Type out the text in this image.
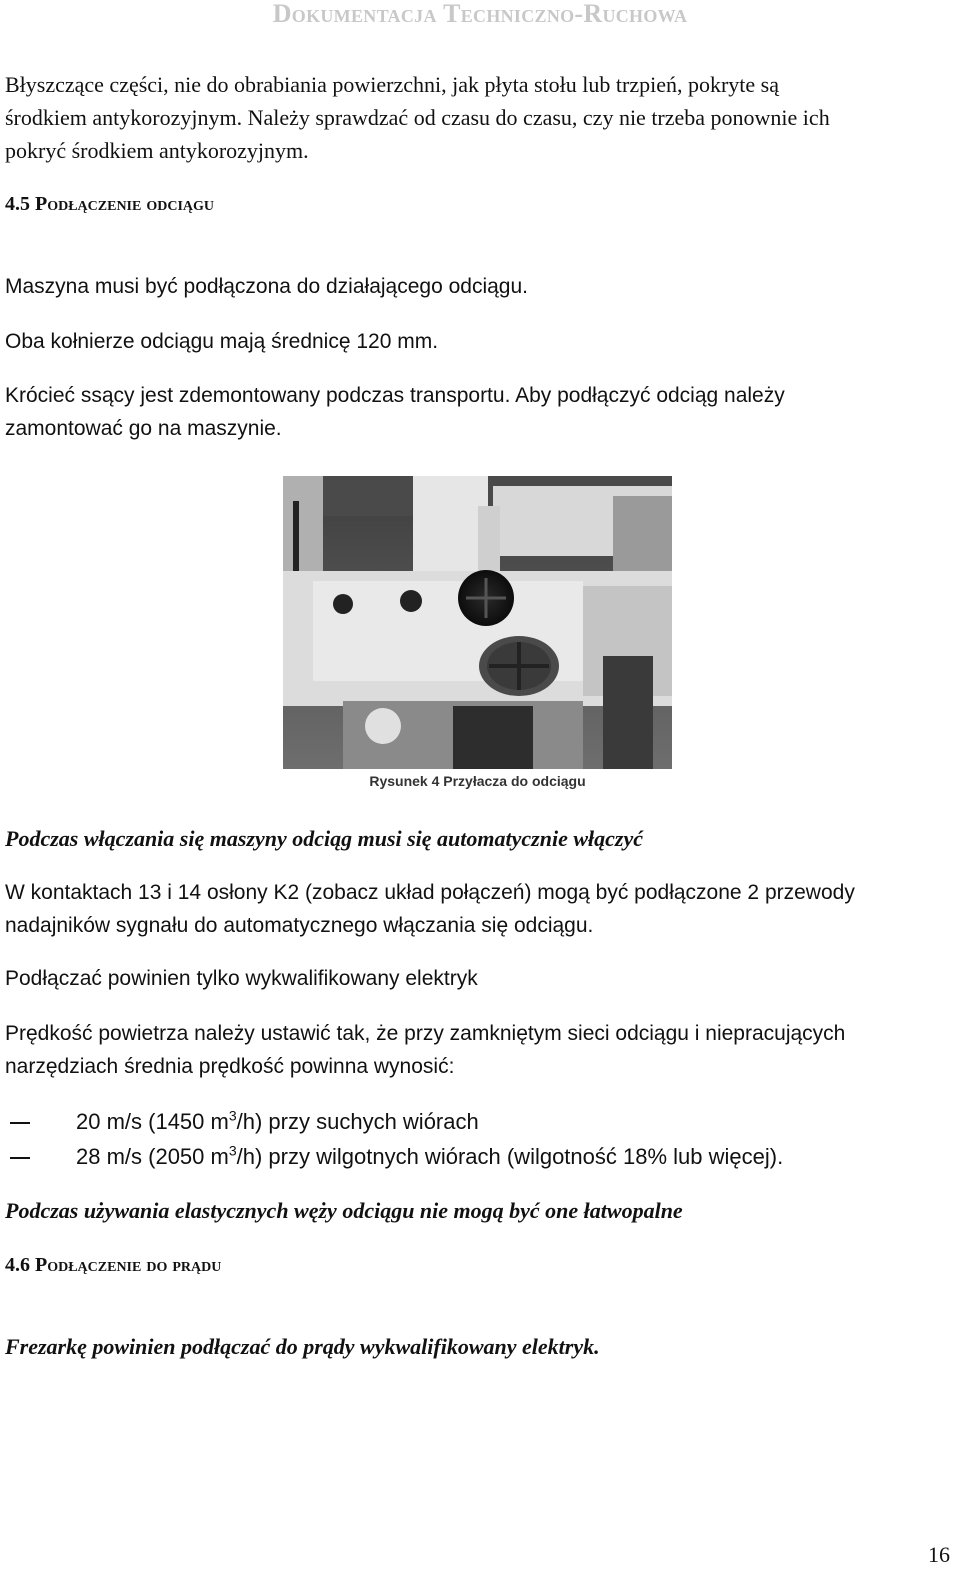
Dokumentacja Techniczno-Ruchowa

Błyszczące części, nie do obrabiania powierzchni, jak płyta stołu lub trzpień, pokryte są

środkiem antykorozyjnym. Należy sprawdzać od czasu do czasu, czy nie trzeba ponownie ich

pokryć środkiem antykorozyjnym.

4.5 Podłączenie odciągu

Maszyna musi być podłączona do działającego odciągu.

Oba kołnierze odciągu mają średnicę 120 mm.

Krócieć ssący jest zdemontowany podczas transportu. Aby podłączyć odciąg należy

zamontować go na maszynie.

Rysunek 4 Przyłacza do odciągu

Podczas włączania się maszyny odciąg musi się automatycznie włączyć

W kontaktach 13 i 14 osłony K2 (zobacz układ połączeń) mogą być podłączone 2 przewody

nadajników sygnału do automatycznego włączania się odciągu.

Podłączać powinien tylko wykwalifikowany elektryk

Prędkość powietrza należy ustawić tak, że przy zamkniętym sieci odciągu i niepracujących

narzędziach średnia prędkość powinna wynosić:

20 m/s (1450 $m^3/h$) przy suchych wiórach
28 m/s (2050 $m^3/h$) przy wilgotnych wiórach (wilgotność 18% lub więcej).

Podczas używania elastycznych węży odciągu nie mogą być one łatwopalne

4.6 Podłączenie do prądu

Frezarkę powinien podłączać do prądy wykwalifikowany elektryk.

16
